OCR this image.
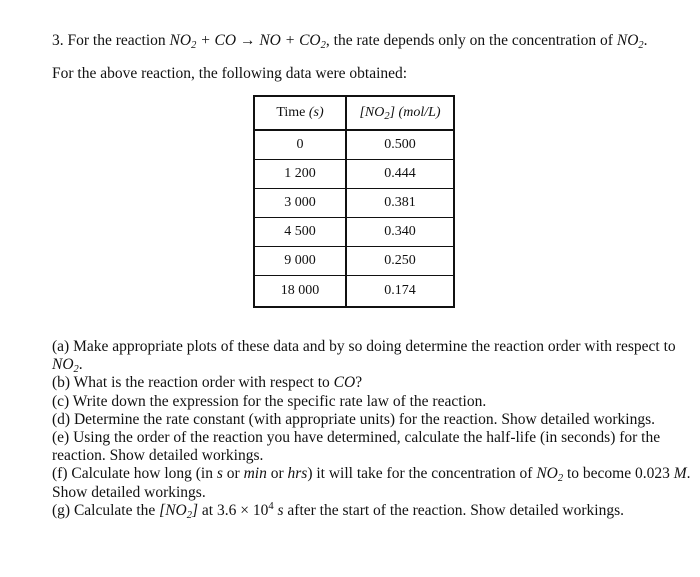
3. For the reaction $NO_2$ + CO → NO + $CO_2$, the rate depends only on the concentration of $NO_2$.
For the above reaction, the following data were obtained:
Time (s)	$[NO_2]$ (mol/L)
0	0.500
1 200	0.444
3 000	0.381
4 500	0.340
9 000	0.250
18 000	0.174

(a) Make appropriate plots of these data and by so doing determine the reaction order with respect to $NO_2$.

(b) What is the reaction order with respect to CO?

(c) Write down the expression for the specific rate law of the reaction.

(d) Determine the rate constant (with appropriate units) for the reaction. Show detailed workings.

(e) Using the order of the reaction you have determined, calculate the half-life (in seconds) for the reaction. Show detailed workings.

(f) Calculate how long (in s or min or hrs) it will take for the concentration of $NO_2$ to become 0.023 M. Show detailed workings.

(g) Calculate the $[NO_2]$ at $3.6 \times 10^4$ s after the start of the reaction. Show detailed workings.
